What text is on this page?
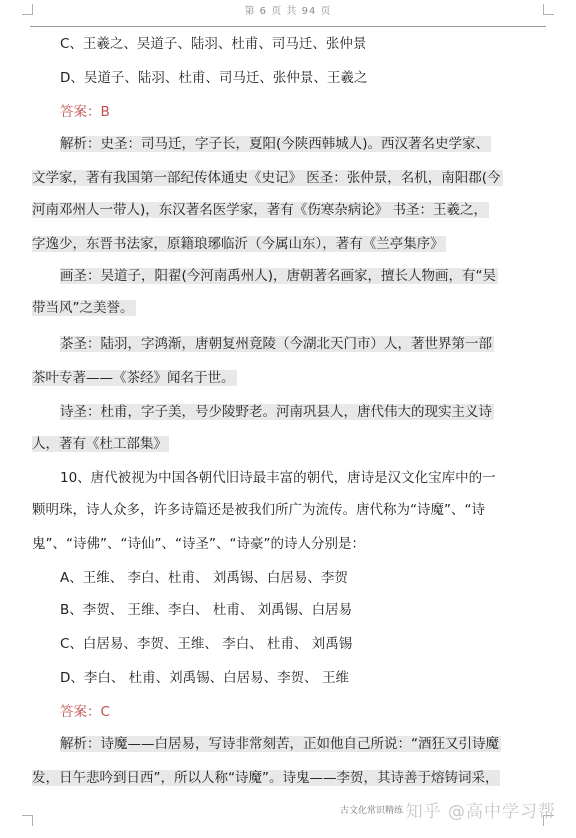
第 6 页 共 94 页
C、王羲之、吴道子、陆羽、杜甫、司马迁、张仲景
D、吴道子、陆羽、杜甫、司马迁、张仲景、王羲之
答案：B
解析：史圣：司马迁，字子长，夏阳(今陕西韩城人)。西汉著名史学家、
文学家，著有我国第一部纪传体通史《史记》 医圣：张仲景，名机，南阳郡(今
河南邓州人一带人)，东汉著名医学家，著有《伤寒杂病论》 书圣：王羲之，
字逸少，东晋书法家，原籍琅琊临沂（今属山东），著有《兰亭集序》
画圣：吴道子，阳翟(今河南禹州人)，唐朝著名画家，擅长人物画，有“吴
带当风”之美誉。
茶圣：陆羽，字鸿渐，唐朝复州竟陵（今湖北天门市）人，著世界第一部
茶叶专著——《茶经》闻名于世。
诗圣：杜甫，字子美，号少陵野老。河南巩县人，唐代伟大的现实主义诗
人，著有《杜工部集》
10、唐代被视为中国各朝代旧诗最丰富的朝代，唐诗是汉文化宝库中的一
颗明珠，诗人众多，许多诗篇还是被我们所广为流传。唐代称为“诗魔”、“诗
鬼”、“诗佛”、“诗仙”、“诗圣”、“诗豪”的诗人分别是：
A、王维、 李白、杜甫、 刘禹锡、白居易、李贺
B、李贺、 王维、李白、 杜甫、 刘禹锡、白居易
C、白居易、李贺、王维、 李白、 杜甫、 刘禹锡
D、李白、 杜甫、刘禹锡、白居易、李贺、 王维
答案：C
解析：诗魔——白居易，写诗非常刻苦，正如他自己所说：“酒狂又引诗魔
发，日午悲吟到日西”，所以人称“诗魔”。诗鬼——李贺，其诗善于熔铸词采，
古文化常识精练 知乎 @高中学习帮
